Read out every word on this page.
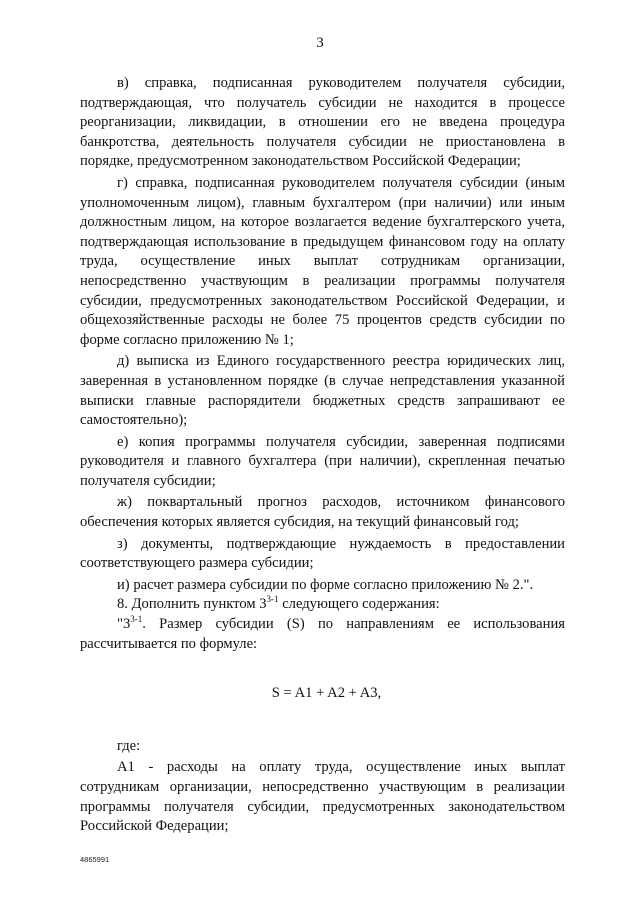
3

в) справка, подписанная руководителем получателя субсидии, подтверждающая, что получатель субсидии не находится в процессе реорганизации, ликвидации, в отношении его не введена процедура банкротства, деятельность получателя субсидии не приостановлена в порядке, предусмотренном законодательством Российской Федерации;

г) справка, подписанная руководителем получателя субсидии (иным уполномоченным лицом), главным бухгалтером (при наличии) или иным должностным лицом, на которое возлагается ведение бухгалтерского учета, подтверждающая использование в предыдущем финансовом году на оплату труда, осуществление иных выплат сотрудникам организации, непосредственно участвующим в реализации программы получателя субсидии, предусмотренных законодательством Российской Федерации, и общехозяйственные расходы не более 75 процентов средств субсидии по форме согласно приложению № 1;

д) выписка из Единого государственного реестра юридических лиц, заверенная в установленном порядке (в случае непредставления указанной выписки главные распорядители бюджетных средств запрашивают ее самостоятельно);

е) копия программы получателя субсидии, заверенная подписями руководителя и главного бухгалтера (при наличии), скрепленная печатью получателя субсидии;

ж) поквартальный прогноз расходов, источником финансового обеспечения которых является субсидия, на текущий финансовый год;

з) документы, подтверждающие нуждаемость в предоставлении соответствующего размера субсидии;

и) расчет размера субсидии по форме согласно приложению № 2.".

8. Дополнить пунктом 3$^{3-1}$ следующего содержания:

"3$^{3-1}$. Размер субсидии (S) по направлениям ее использования рассчитывается по формуле:

S = A1 + A2 + A3,

где:

A1 - расходы на оплату труда, осуществление иных выплат сотрудникам организации, непосредственно участвующим в реализации программы получателя субсидии, предусмотренных законодательством Российской Федерации;

4865991
